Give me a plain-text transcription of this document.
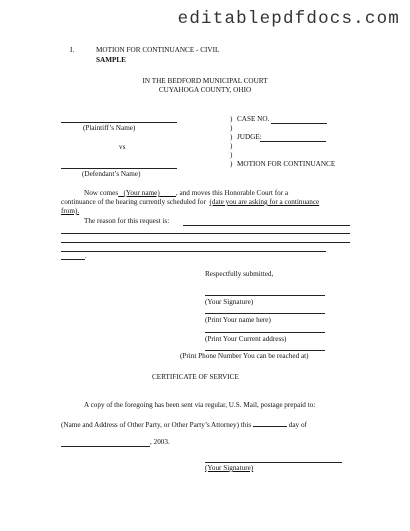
editablepdfdocs.com
I.	MOTION FOR CONTINUANCE - CIVIL
SAMPLE
IN THE BEDFORD MUNICIPAL COURT
CUYAHOGA COUNTY, OHIO
(Plaintiff’s Name)
vs
(Defendant’s Name)
)
)
)
)
)
)
CASE NO.
JUDGE:
MOTION FOR CONTINUANCE
Now comes (Your name) , and moves this Honorable Court for a
continuance of the hearing currently scheduled for (date you are asking for a continuance
from).
The reason for this request is:
.
Respectfully submitted,
(Your Signature)
(Print Your name here)
(Print Your Current address)
(Print Phone Number You can be reached at)
CERTIFICATE OF SERVICE
A copy of the foregoing has been sent via regular, U.S. Mail, postage prepaid to:
(Name and Address of Other Party, or Other Party’s Attorney) this	day of
, 2003.
(Your Signature)
